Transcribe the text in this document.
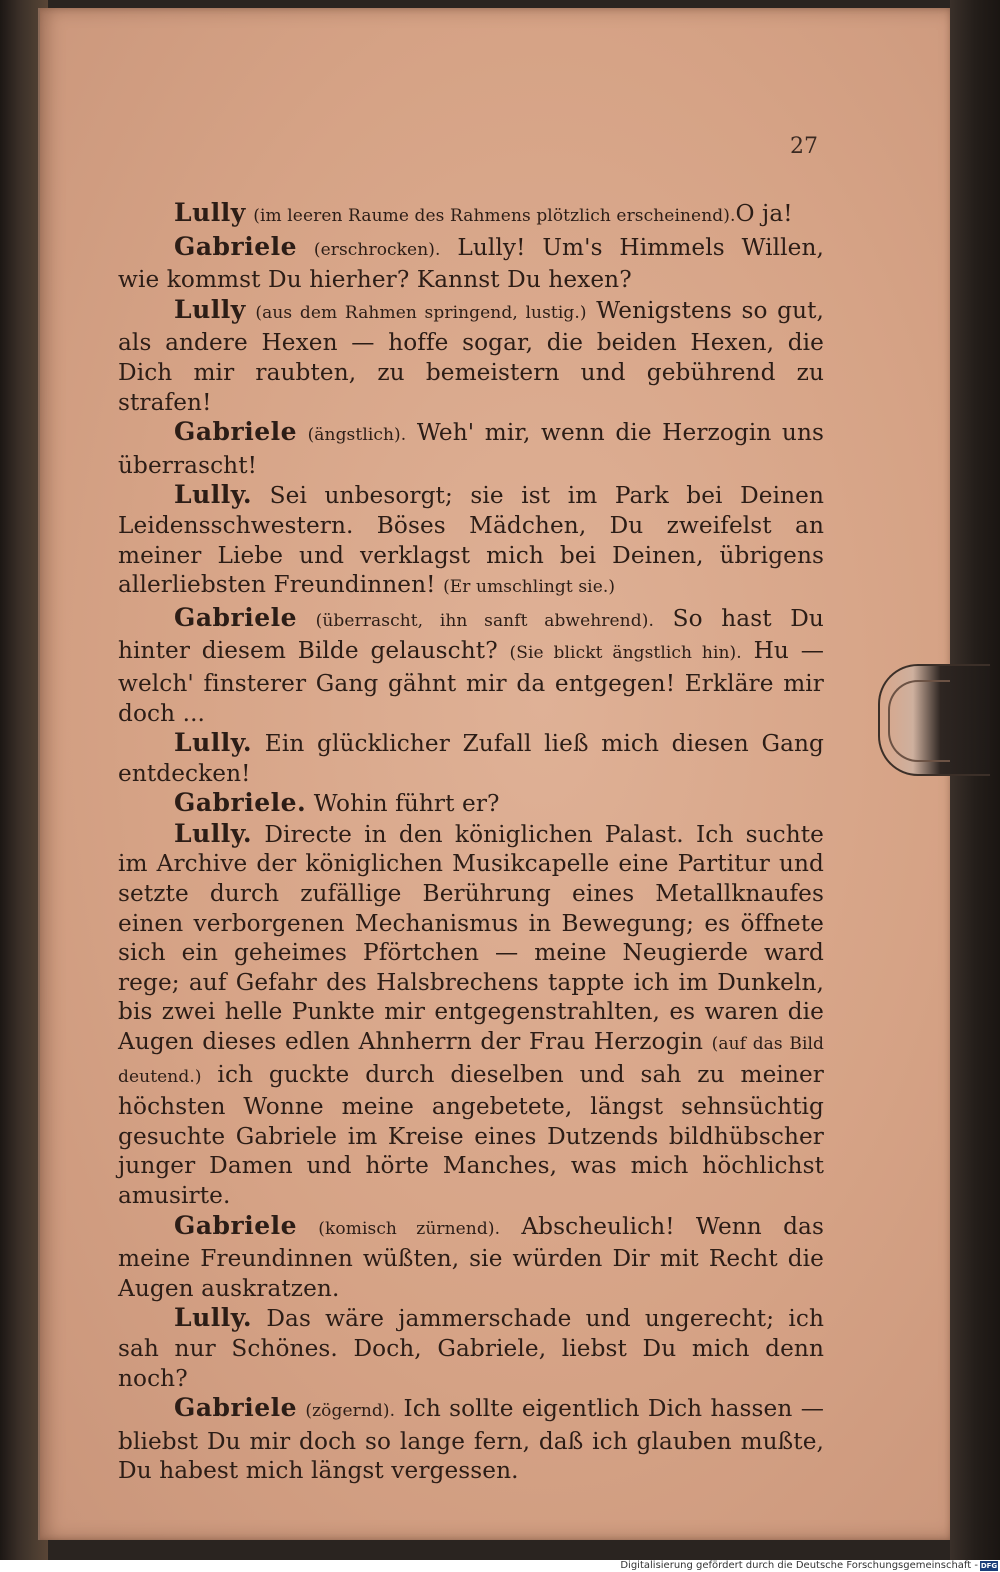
27

Lully (im leeren Raume des Rahmens plötzlich erscheinend).O ja!

Gabriele (erschrocken). Lully! Um's Himmels Willen, wie kommst Du hierher? Kannst Du hexen?

Lully (aus dem Rahmen springend, lustig.) Wenigstens so gut, als andere Hexen — hoffe sogar, die beiden Hexen, die Dich mir raubten, zu bemeistern und gebührend zu strafen!

Gabriele (ängstlich). Weh' mir, wenn die Herzogin uns überrascht!

Lully. Sei unbesorgt; sie ist im Park bei Deinen Leidensschwestern. Böses Mädchen, Du zweifelst an meiner Liebe und verklagst mich bei Deinen, übrigens allerliebsten Freundinnen! (Er umschlingt sie.)

Gabriele (überrascht, ihn sanft abwehrend). So hast Du hinter diesem Bilde gelauscht? (Sie blickt ängstlich hin). Hu — welch' finsterer Gang gähnt mir da entgegen! Erkläre mir doch ...

Lully. Ein glücklicher Zufall ließ mich diesen Gang entdecken!

Gabriele. Wohin führt er?

Lully. Directe in den königlichen Palast. Ich suchte im Archive der königlichen Musikcapelle eine Partitur und setzte durch zufällige Berührung eines Metallknaufes einen verborgenen Mechanismus in Bewegung; es öffnete sich ein geheimes Pförtchen — meine Neugierde ward rege; auf Gefahr des Halsbrechens tappte ich im Dunkeln, bis zwei helle Punkte mir entgegenstrahlten, es waren die Augen dieses edlen Ahnherrn der Frau Herzogin (auf das Bild deutend.) ich guckte durch dieselben und sah zu meiner höchsten Wonne meine angebetete, längst sehnsüchtig gesuchte Gabriele im Kreise eines Dutzends bildhübscher junger Damen und hörte Manches, was mich höchlichst amusirte.

Gabriele (komisch zürnend). Abscheulich! Wenn das meine Freundinnen wüßten, sie würden Dir mit Recht die Augen auskratzen.

Lully. Das wäre jammerschade und ungerecht; ich sah nur Schönes. Doch, Gabriele, liebst Du mich denn noch?

Gabriele (zögernd). Ich sollte eigentlich Dich hassen — bliebst Du mir doch so lange fern, daß ich glauben mußte, Du habest mich längst vergessen.

Digitalisierung gefördert durch die Deutsche Forschungsgemeinschaft - DFG
